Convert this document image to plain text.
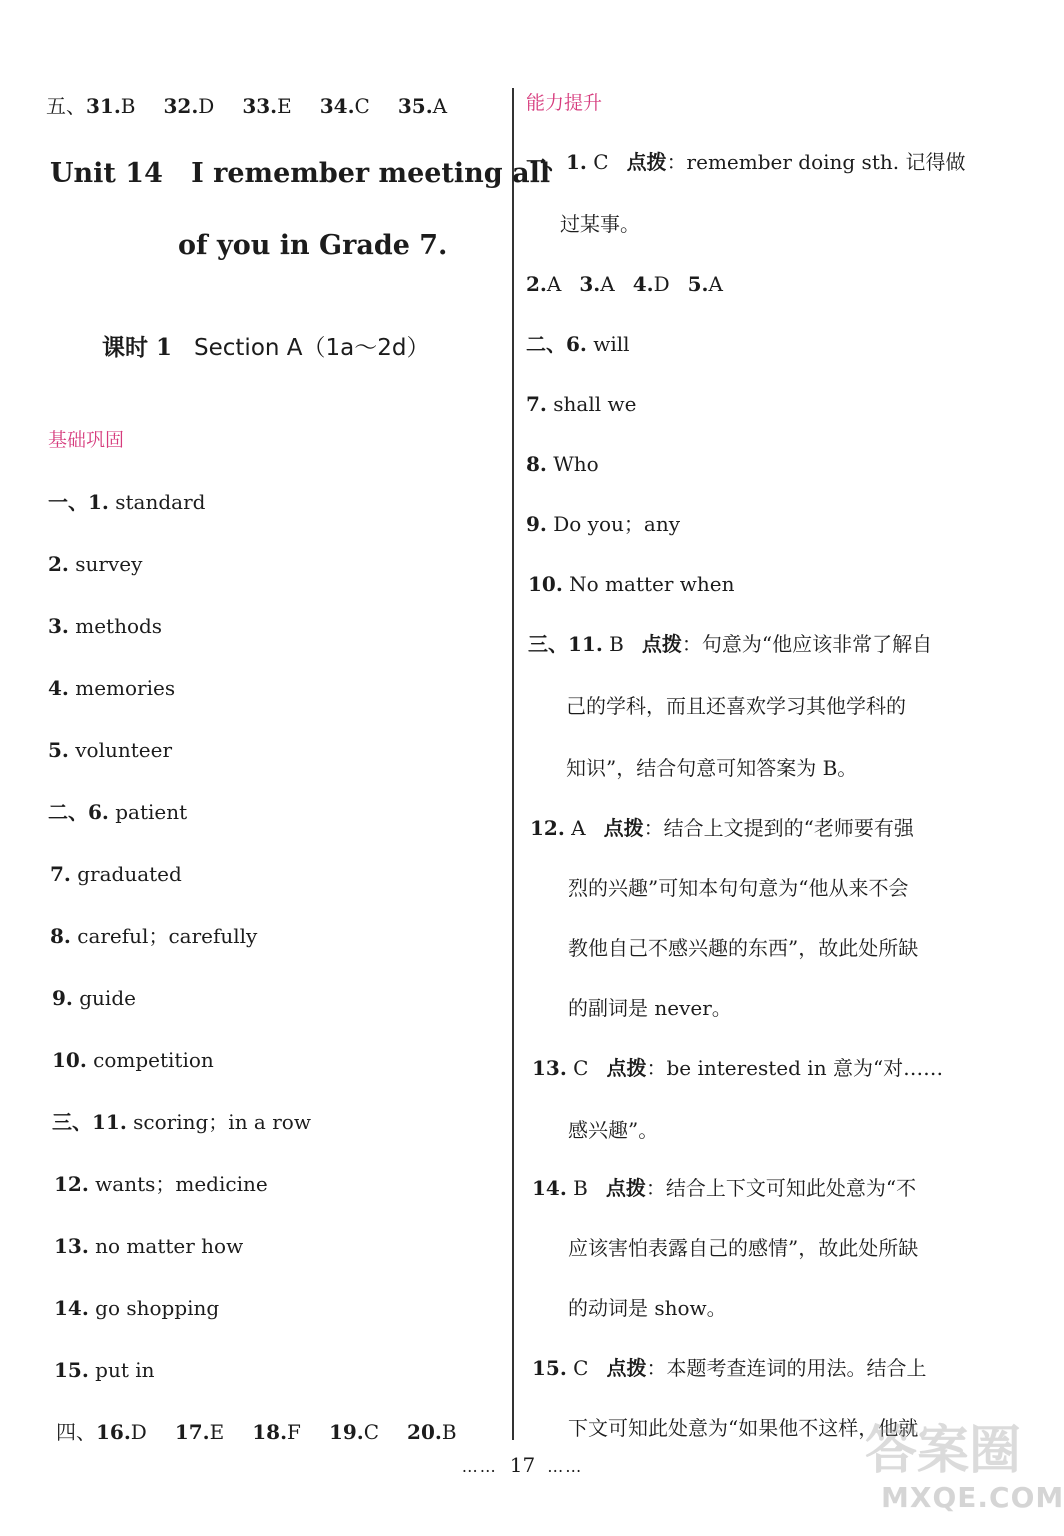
五、31.B 32.D 33.E 34.C 35.A
Unit 14   I remember meeting all
of you in Grade 7.
课时 1 Section A（1a～2d）
基础巩固
一、1. standard
2. survey
3. methods
4. memories
5. volunteer
二、6. patient
7. graduated
8. careful；carefully
9. guide
10. competition
三、11. scoring；in a row
12. wants；medicine
13. no matter how
14. go shopping
15. put in
四、16.D 17.E 18.F 19.C 20.B
能力提升
一、1. C 点拨：remember doing sth. 记得做
过某事。
2.A 3.A 4.D 5.A
二、6. will
7. shall we
8. Who
9. Do you；any
10. No matter when
三、11. B 点拨：句意为“他应该非常了解自
己的学科，而且还喜欢学习其他学科的
知识”，结合句意可知答案为 B。
12. A 点拨：结合上文提到的“老师要有强
烈的兴趣”可知本句句意为“他从来不会
教他自己不感兴趣的东西”，故此处所缺
的副词是 never。
13. C 点拨：be interested in 意为“对……
感兴趣”。
14. B 点拨：结合上下文可知此处意为“不
应该害怕表露自己的感情”，故此处所缺
的动词是 show。
15. C 点拨：本题考查连词的用法。结合上
下文可知此处意为“如果他不这样，他就
…… 17 ……	答案圈
MXQE.COM
